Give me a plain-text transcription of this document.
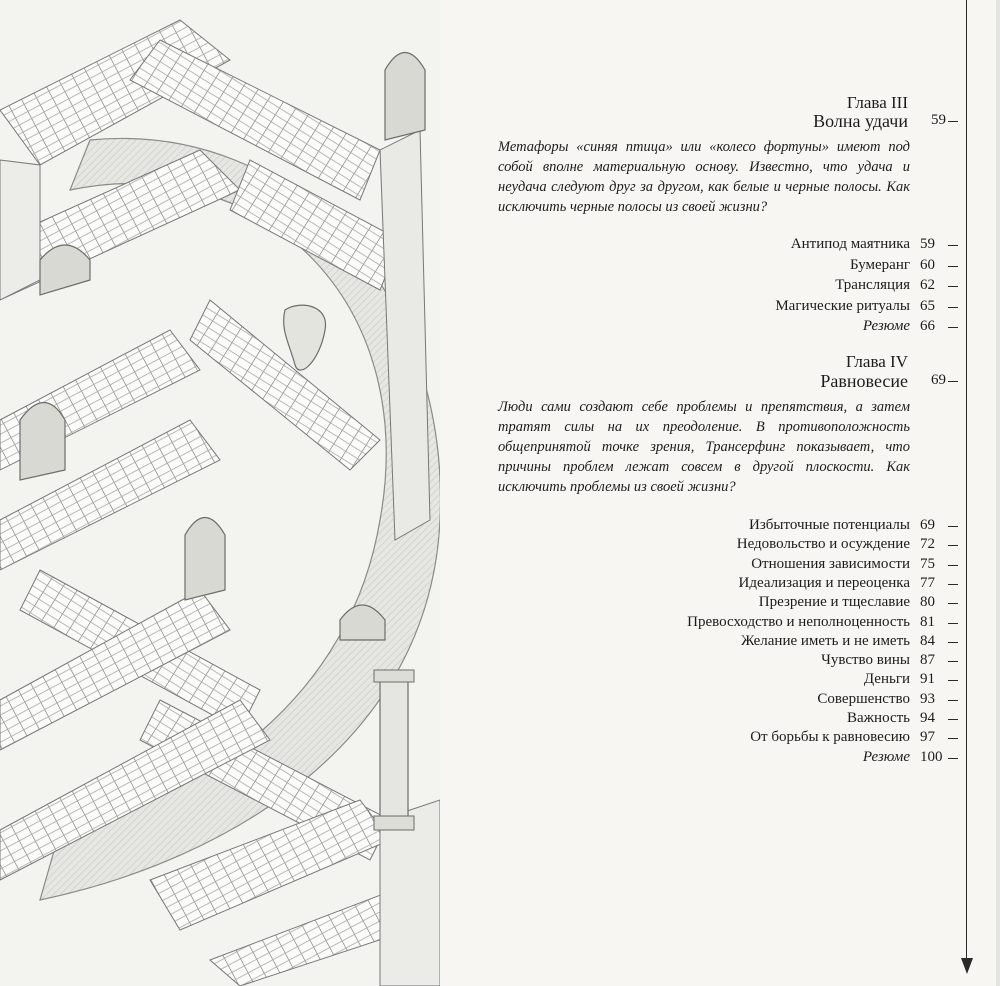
Глава III
Волна удачи 59
Метафоры «синяя птица» или «колесо фортуны» имеют под собой вполне материальную основу. Известно, что удача и неудача следуют друг за другом, как белые и черные полосы. Как исключить черные полосы из своей жизни?
Антипод маятника 59
Бумеранг 60
Трансляция 62
Магические ритуалы 65
Резюме 66
Глава IV
Равновесие 69
Люди сами создают себе проблемы и препятствия, а затем тратят силы на их преодоление. В противоположность общепринятой точке зрения, Трансерфинг показывает, что причины проблем лежат совсем в другой плоскости. Как исключить проблемы из своей жизни?
Избыточные потенциалы 69
Недовольство и осуждение 72
Отношения зависимости 75
Идеализация и переоценка 77
Презрение и тщеславие 80
Превосходство и неполноценность 81
Желание иметь и не иметь 84
Чувство вины 87
Деньги 91
Совершенство 93
Важность 94
От борьбы к равновесию 97
Резюме 100
